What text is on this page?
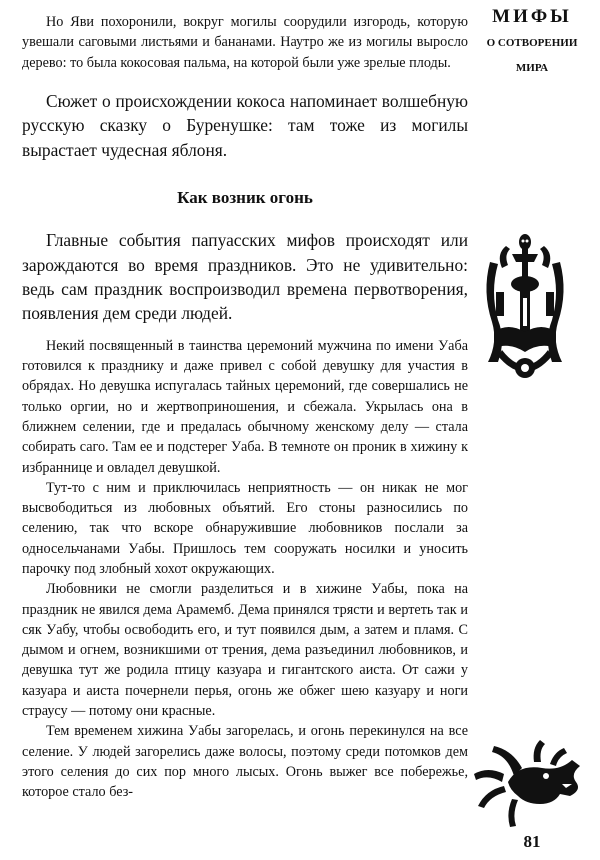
Но Яви похоронили, вокруг могилы соорудили изгородь, которую увешали саговыми листьями и бананами. Наутро же из могилы выросло дерево: то была кокосовая пальма, на которой были уже зрелые плоды.

Сюжет о происхождении кокоса напоминает волшебную русскую сказку о Буренушке: там тоже из могилы вырастает чудесная яблоня.

Как возник огонь

Главные события папуасских мифов происходят или зарождаются во время праздников. Это не удивительно: ведь сам праздник воспроизводил времена первотворения, появления дем среди людей.

Некий посвященный в таинства церемоний мужчина по имени Уаба готовился к празднику и даже привел с собой девушку для участия в обрядах. Но девушка испугалась тайных церемоний, где совершались не только оргии, но и жертвоприношения, и сбежала. Укрылась она в ближнем селении, где и предалась обычному женскому делу — стала собирать саго. Там ее и подстерег Уаба. В темноте он проник в хижину к избраннице и овладел девушкой.

Тут-то с ним и приключилась неприятность — он никак не мог высвободиться из любовных объятий. Его стоны разносились по селению, так что вскоре обнаружившие любовников послали за односельчанами Уабы. Пришлось тем сооружать носилки и уносить парочку под злобный хохот окружающих.

Любовники не смогли разделиться и в хижине Уабы, пока на праздник не явился дема Арамемб. Дема принялся трясти и вертеть так и сяк Уабу, чтобы освободить его, и тут появился дым, а затем и пламя. С дымом и огнем, возникшими от трения, дема разъединил любовников, и девушка тут же родила птицу казуара и гигантского аиста. От сажи у казуара и аиста почернели перья, огонь же обжег шею казуару и ноги страусу — потому они красные.

Тем временем хижина Уабы загорелась, и огонь перекинулся на все селение. У людей загорелись даже волосы, поэтому среди потомков дем этого селения до сих пор много лысых. Огонь выжег все побережье, которое стало без-

МИФЫ
О СОТВОРЕНИИ
МИРА
81
